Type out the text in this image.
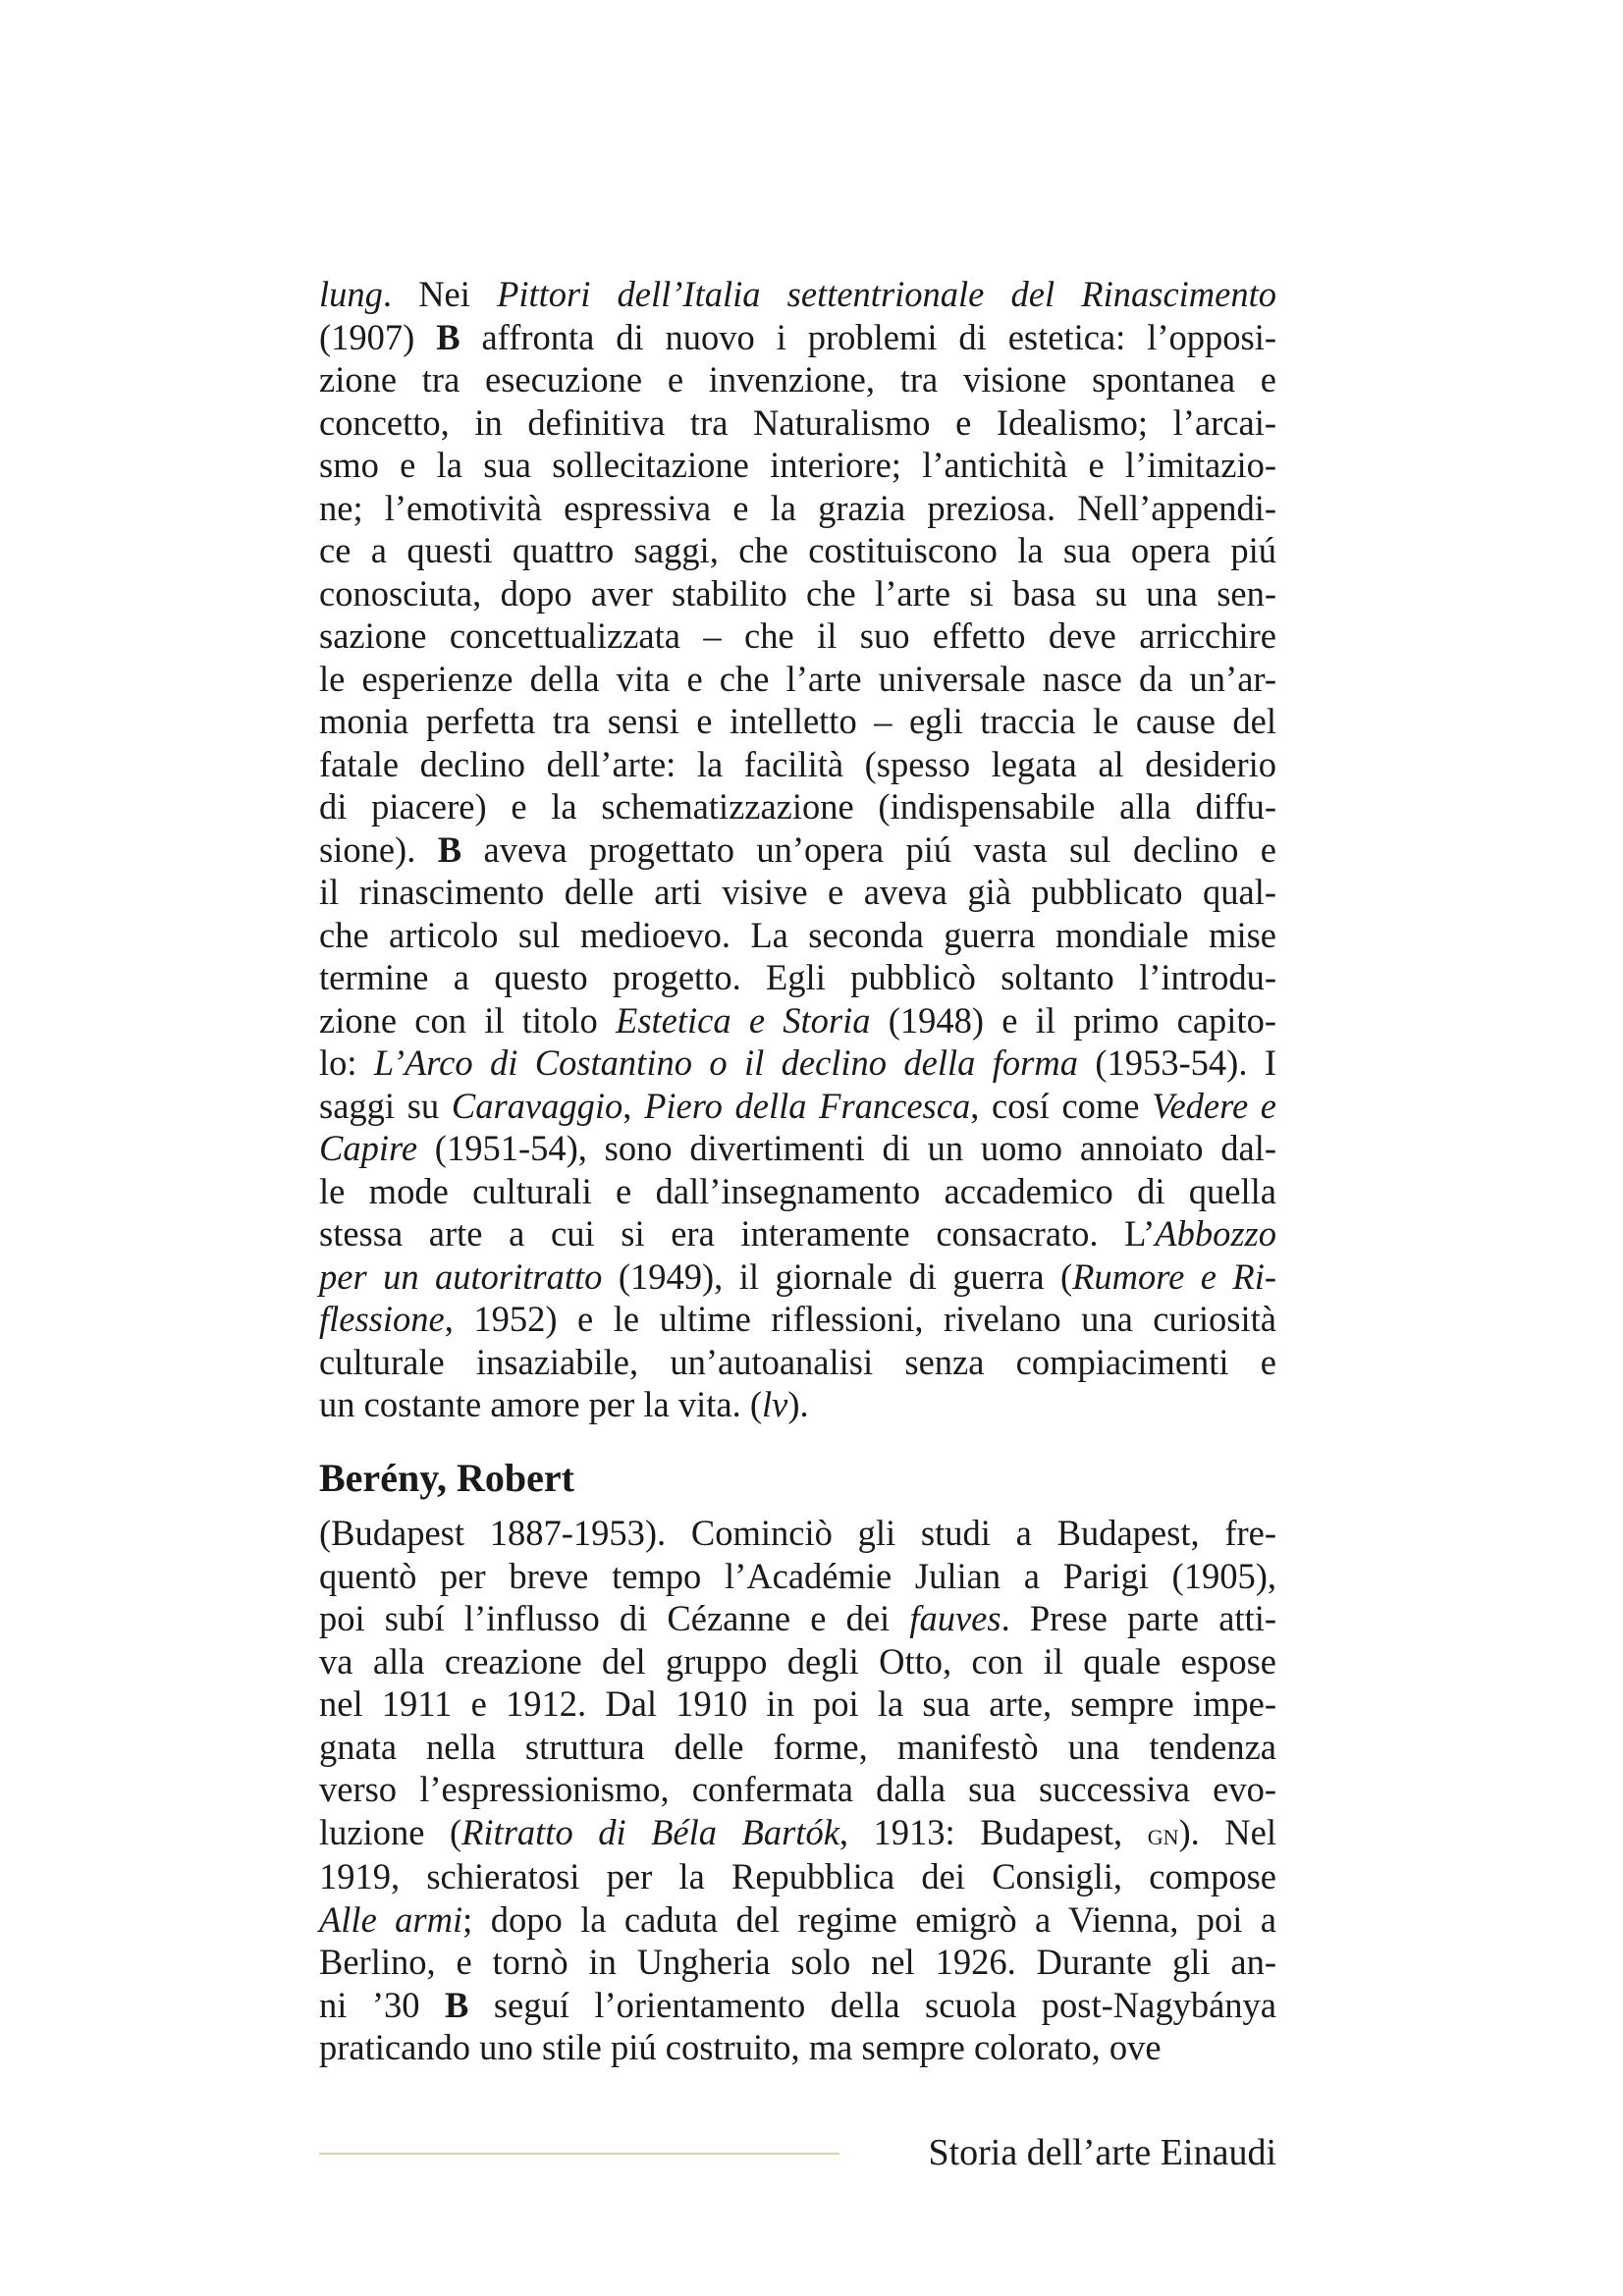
lung. Nei Pittori dell’Italia settentrionale del Rinascimento
(1907) B affronta di nuovo i problemi di estetica: l’opposi-
zione tra esecuzione e invenzione, tra visione spontanea e
concetto, in definitiva tra Naturalismo e Idealismo; l’arcai-
smo e la sua sollecitazione interiore; l’antichità e l’imitazio-
ne; l’emotività espressiva e la grazia preziosa. Nell’appendi-
ce a questi quattro saggi, che costituiscono la sua opera piú
conosciuta, dopo aver stabilito che l’arte si basa su una sen-
sazione concettualizzata – che il suo effetto deve arricchire
le esperienze della vita e che l’arte universale nasce da un’ar-
monia perfetta tra sensi e intelletto – egli traccia le cause del
fatale declino dell’arte: la facilità (spesso legata al desiderio
di piacere) e la schematizzazione (indispensabile alla diffu-
sione). B aveva progettato un’opera piú vasta sul declino e
il rinascimento delle arti visive e aveva già pubblicato qual-
che articolo sul medioevo. La seconda guerra mondiale mise
termine a questo progetto. Egli pubblicò soltanto l’introdu-
zione con il titolo Estetica e Storia (1948) e il primo capito-
lo: L’Arco di Costantino o il declino della forma (1953-54). I
saggi su Caravaggio, Piero della Francesca, cosí come Vedere e
Capire (1951-54), sono divertimenti di un uomo annoiato dal-
le mode culturali e dall’insegnamento accademico di quella
stessa arte a cui si era interamente consacrato. L’Abbozzo
per un autoritratto (1949), il giornale di guerra (Rumore e Ri-
flessione, 1952) e le ultime riflessioni, rivelano una curiosità
culturale insaziabile, un’autoanalisi senza compiacimenti e
un costante amore per la vita. (lv).
Berény, Robert
(Budapest 1887-1953). Cominciò gli studi a Budapest, fre-
quentò per breve tempo l’Académie Julian a Parigi (1905),
poi subí l’influsso di Cézanne e dei fauves. Prese parte atti-
va alla creazione del gruppo degli Otto, con il quale espose
nel 1911 e 1912. Dal 1910 in poi la sua arte, sempre impe-
gnata nella struttura delle forme, manifestò una tendenza
verso l’espressionismo, confermata dalla sua successiva evo-
luzione (Ritratto di Béla Bartók, 1913: Budapest, gn). Nel
1919, schieratosi per la Repubblica dei Consigli, compose
Alle armi; dopo la caduta del regime emigrò a Vienna, poi a
Berlino, e tornò in Ungheria solo nel 1926. Durante gli an-
ni ’30 B seguí l’orientamento della scuola post-Nagybánya
praticando uno stile piú costruito, ma sempre colorato, ove
Storia dell’arte Einaudi
